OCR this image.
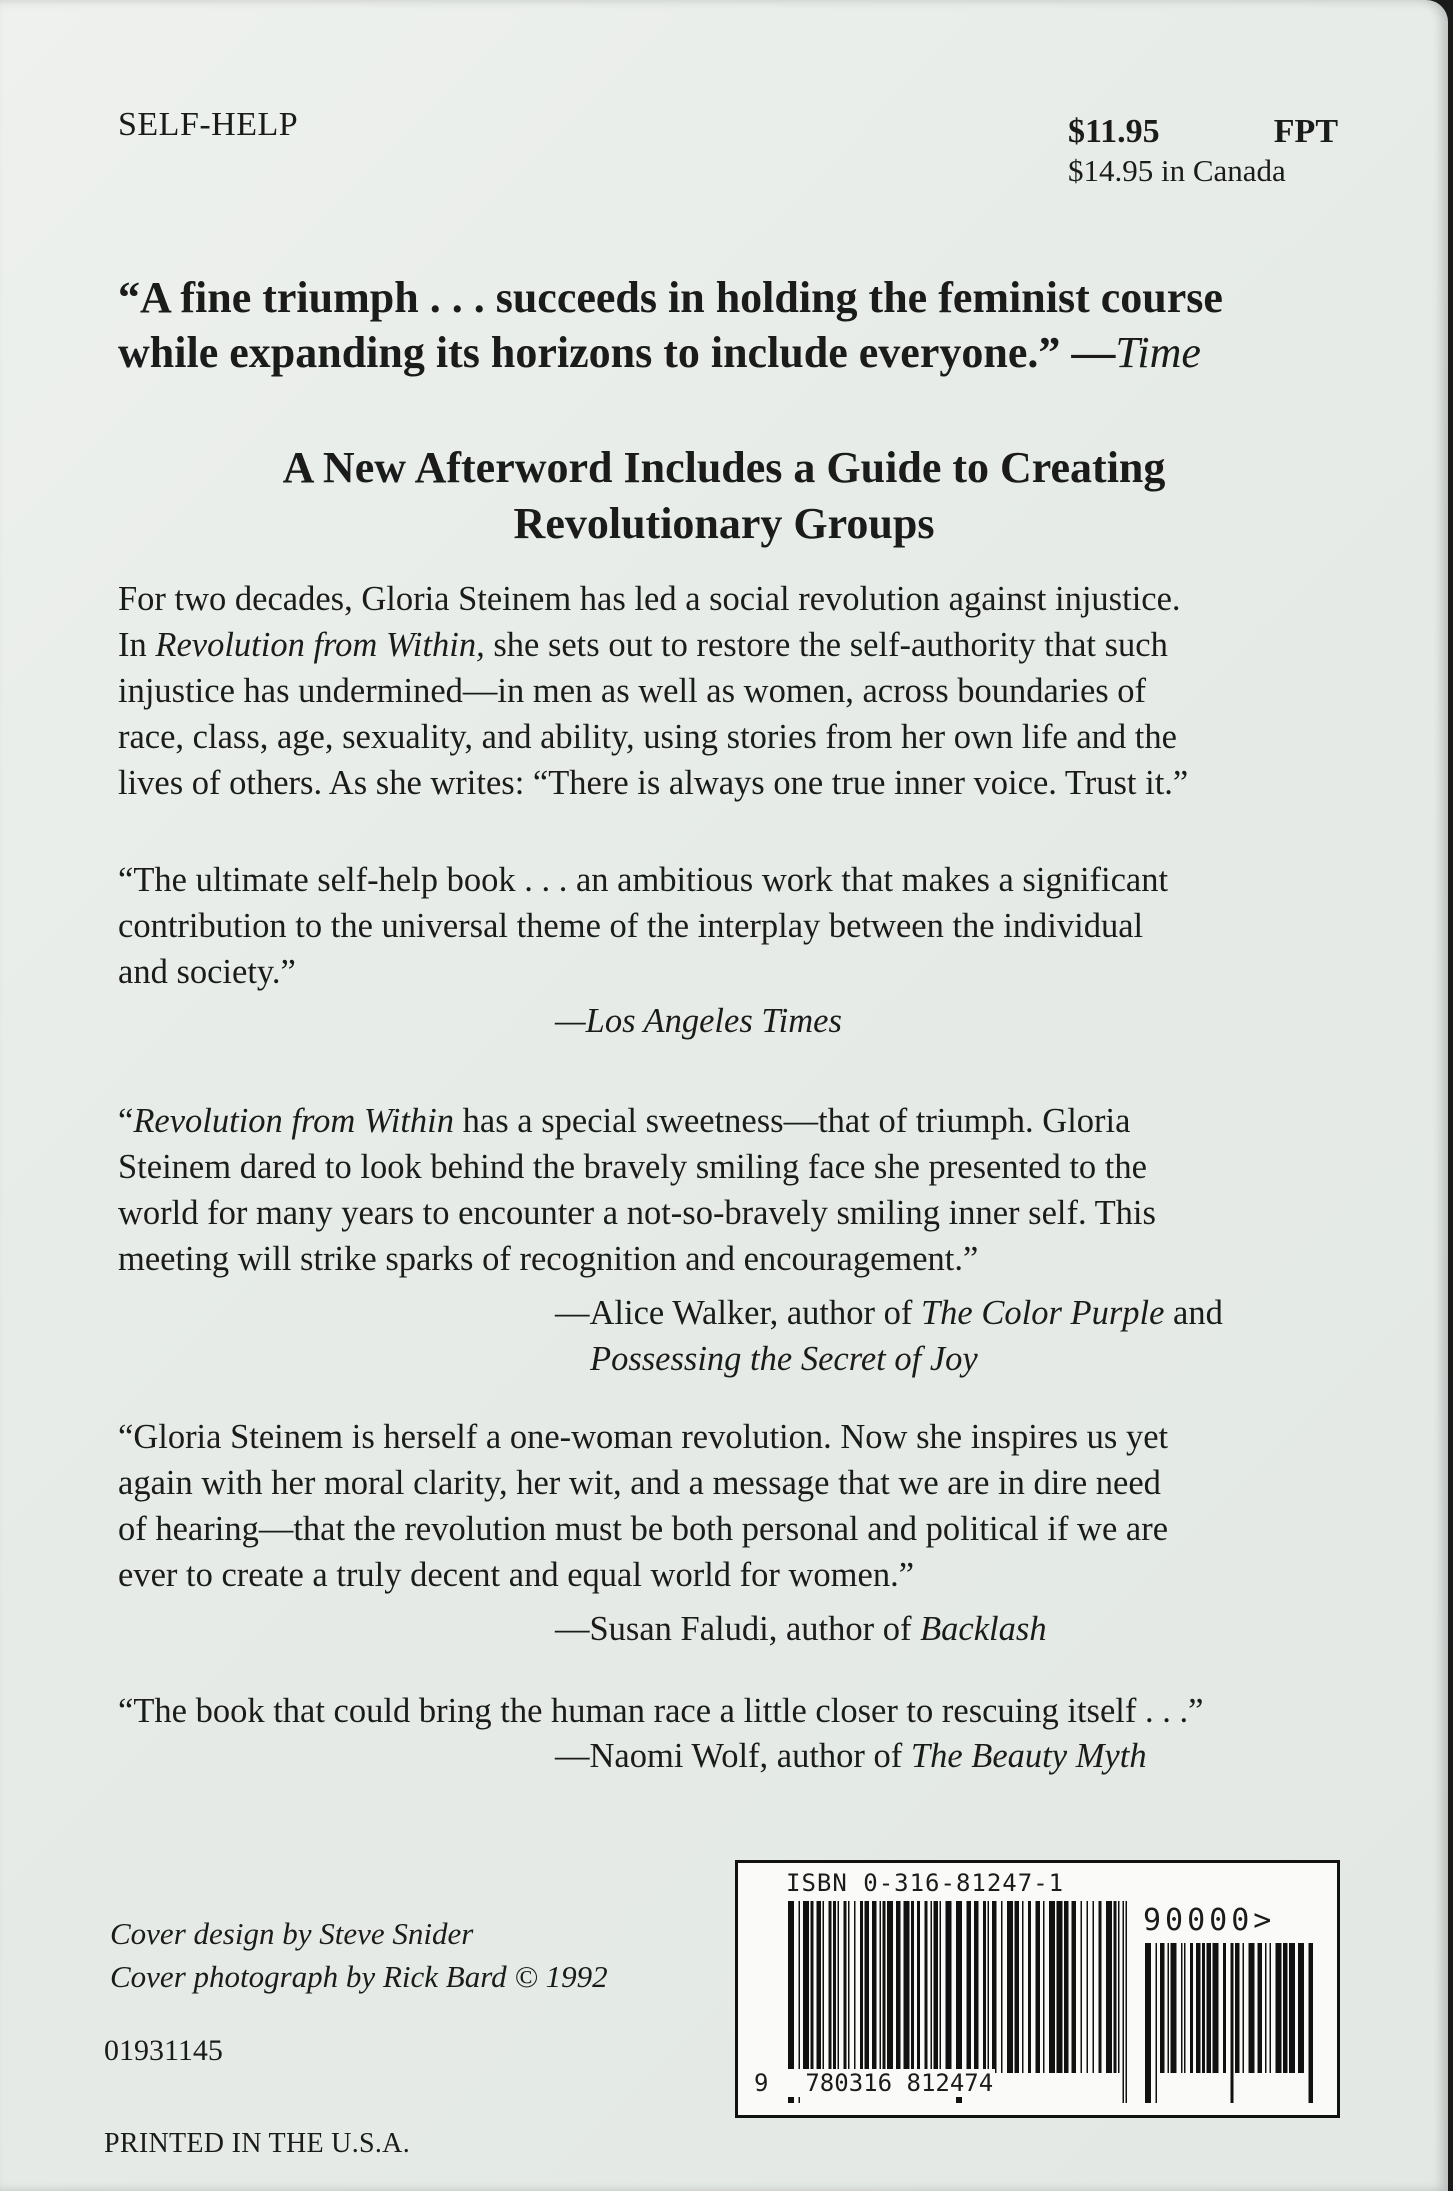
SELF-HELP	$11.95	FPT
$14.95 in Canada
“A fine triumph . . . succeeds in holding the feminist course
while expanding its horizons to include everyone.” —Time
A New Afterword Includes a Guide to Creating
Revolutionary Groups
For two decades, Gloria Steinem has led a social revolution against injustice.
In Revolution from Within, she sets out to restore the self-authority that such
injustice has undermined—in men as well as women, across boundaries of
race, class, age, sexuality, and ability, using stories from her own life and the
lives of others. As she writes: “There is always one true inner voice. Trust it.”
“The ultimate self-help book . . . an ambitious work that makes a significant
contribution to the universal theme of the interplay between the individual
and society.”
—Los Angeles Times
“Revolution from Within has a special sweetness—that of triumph. Gloria
Steinem dared to look behind the bravely smiling face she presented to the
world for many years to encounter a not-so-bravely smiling inner self. This
meeting will strike sparks of recognition and encouragement.”
—Alice Walker, author of The Color Purple and
Possessing the Secret of Joy
“Gloria Steinem is herself a one-woman revolution. Now she inspires us yet
again with her moral clarity, her wit, and a message that we are in dire need
of hearing—that the revolution must be both personal and political if we are
ever to create a truly decent and equal world for women.”
—Susan Faludi, author of Backlash
“The book that could bring the human race a little closer to rescuing itself . . .”
—Naomi Wolf, author of The Beauty Myth
Cover design by Steve Snider
Cover photograph by Rick Bard © 1992
01931145
PRINTED IN THE U.S.A.
ISBN 0-316-81247-1
90000>
9 780316 812474
